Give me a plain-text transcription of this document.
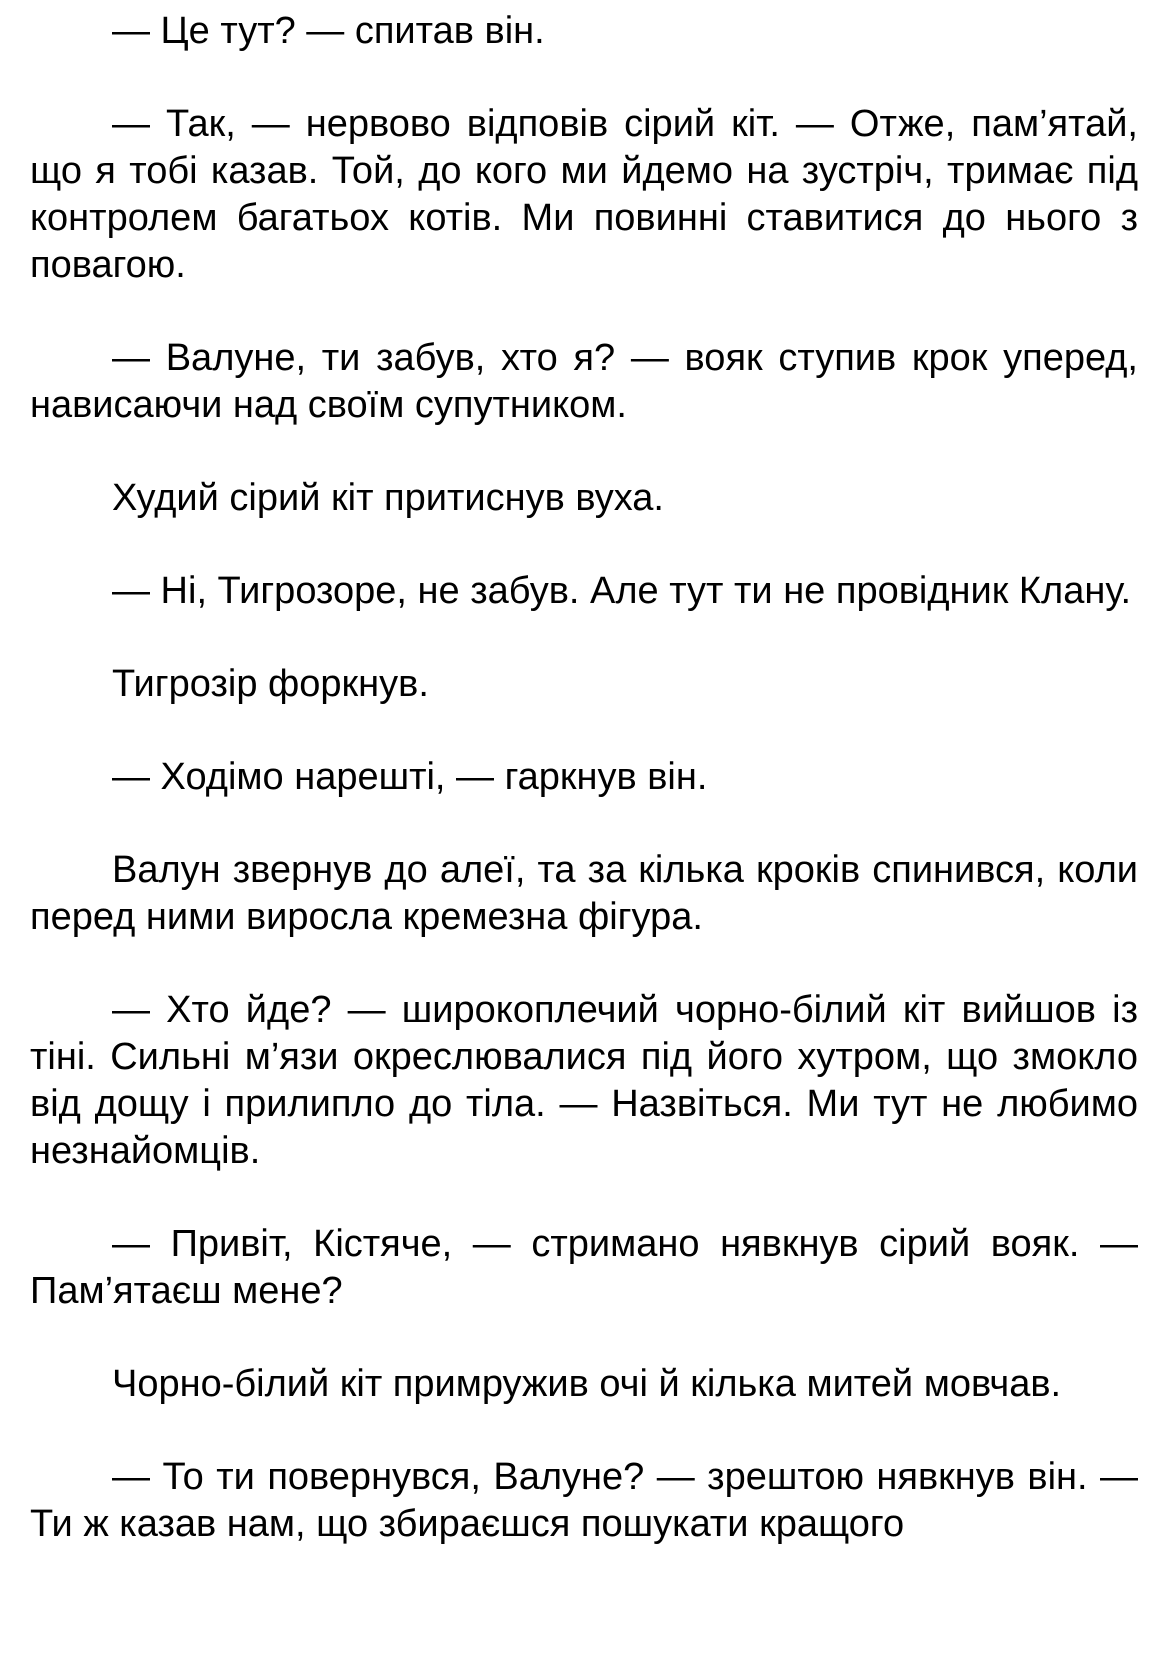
— Це тут? — спитав він.

— Так, — нервово відповів сірий кіт. — Отже, пам’ятай, що я тобі казав. Той, до кого ми йдемо на зустріч, тримає під контролем багатьох котів. Ми повинні ставитися до нього з повагою.

— Валуне, ти забув, хто я? — вояк ступив крок уперед, нависаючи над своїм супутником.

Худий сірий кіт притиснув вуха.

— Ні, Тигрозоре, не забув. Але тут ти не провідник Клану.

Тигрозір форкнув.

— Ходімо нарешті, — гаркнув він.

Валун звернув до алеї, та за кілька кроків спинився, коли перед ними виросла кремезна фігура.

— Хто йде? — широкоплечий чорно-білий кіт вийшов із тіні. Сильні м’язи окреслювалися під його хутром, що змокло від дощу і прилипло до тіла. — Назвіться. Ми тут не любимо незнайомців.

— Привіт, Кістяче, — стримано нявкнув сірий вояк. — Пам’ятаєш мене?

Чорно-білий кіт примружив очі й кілька митей мовчав.

— То ти повернувся, Валуне? — зрештою нявкнув він. — Ти ж казав нам, що збираєшся пошукати кращого
